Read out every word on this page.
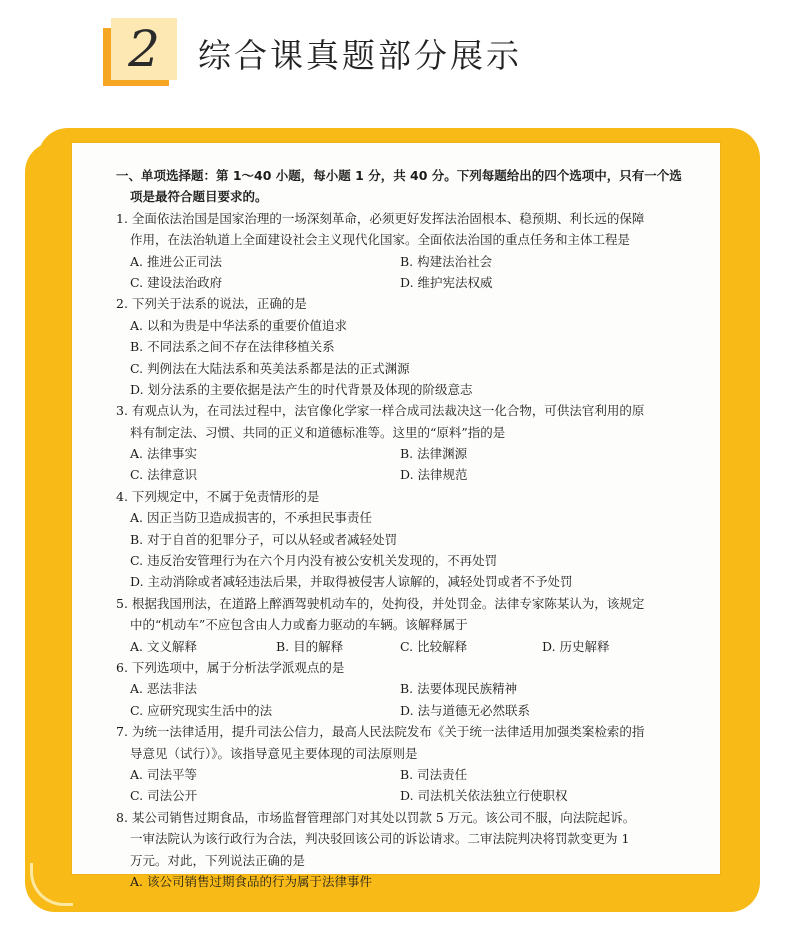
2	综合课真题部分展示
一、单项选择题：第 1～40 小题，每小题 1 分，共 40 分。下列每题给出的四个选项中，只有一个选
项是最符合题目要求的。
1. 全面依法治国是国家治理的一场深刻革命，必须更好发挥法治固根本、稳预期、利长远的保障
作用，在法治轨道上全面建设社会主义现代化国家。全面依法治国的重点任务和主体工程是
A. 推进公正司法	B. 构建法治社会
C. 建设法治政府	D. 维护宪法权威
2. 下列关于法系的说法，正确的是
A. 以和为贵是中华法系的重要价值追求
B. 不同法系之间不存在法律移植关系
C. 判例法在大陆法系和英美法系都是法的正式渊源
D. 划分法系的主要依据是法产生的时代背景及体现的阶级意志
3. 有观点认为，在司法过程中，法官像化学家一样合成司法裁决这一化合物，可供法官利用的原
料有制定法、习惯、共同的正义和道德标准等。这里的“原料”指的是
A. 法律事实	B. 法律渊源
C. 法律意识	D. 法律规范
4. 下列规定中，不属于免责情形的是
A. 因正当防卫造成损害的，不承担民事责任
B. 对于自首的犯罪分子，可以从轻或者减轻处罚
C. 违反治安管理行为在六个月内没有被公安机关发现的，不再处罚
D. 主动消除或者减轻违法后果，并取得被侵害人谅解的，减轻处罚或者不予处罚
5. 根据我国刑法，在道路上醉酒驾驶机动车的，处拘役，并处罚金。法律专家陈某认为，该规定
中的“机动车”不应包含由人力或畜力驱动的车辆。该解释属于
A. 文义解释	B. 目的解释	C. 比较解释	D. 历史解释
6. 下列选项中，属于分析法学派观点的是
A. 恶法非法	B. 法要体现民族精神
C. 应研究现实生活中的法	D. 法与道德无必然联系
7. 为统一法律适用，提升司法公信力，最高人民法院发布《关于统一法律适用加强类案检索的指
导意见（试行）》。该指导意见主要体现的司法原则是
A. 司法平等	B. 司法责任
C. 司法公开	D. 司法机关依法独立行使职权
8. 某公司销售过期食品，市场监督管理部门对其处以罚款 5 万元。该公司不服，向法院起诉。
一审法院认为该行政行为合法，判决驳回该公司的诉讼请求。二审法院判决将罚款变更为 1
万元。对此，下列说法正确的是
A. 该公司销售过期食品的行为属于法律事件
